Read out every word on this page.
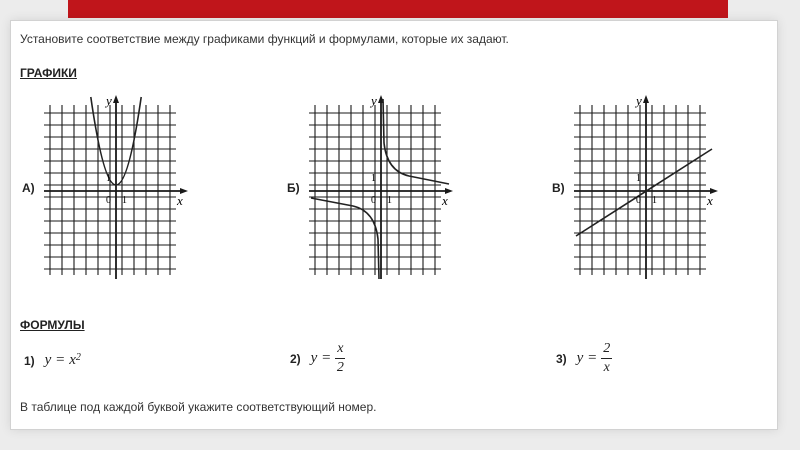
Установите соответствие между графиками функций и формулами, которые их задают.
ГРАФИКИ
А)
y
x
1
0 1
Б)
y
x
1
0 1
В)
y
x
1
0 1
ФОРМУЛЫ
1) $y = x^2$	2) $y = \frac{x}{2}$	3) $y = \frac{2}{x}$
В таблице под каждой буквой укажите соответствующий номер.
